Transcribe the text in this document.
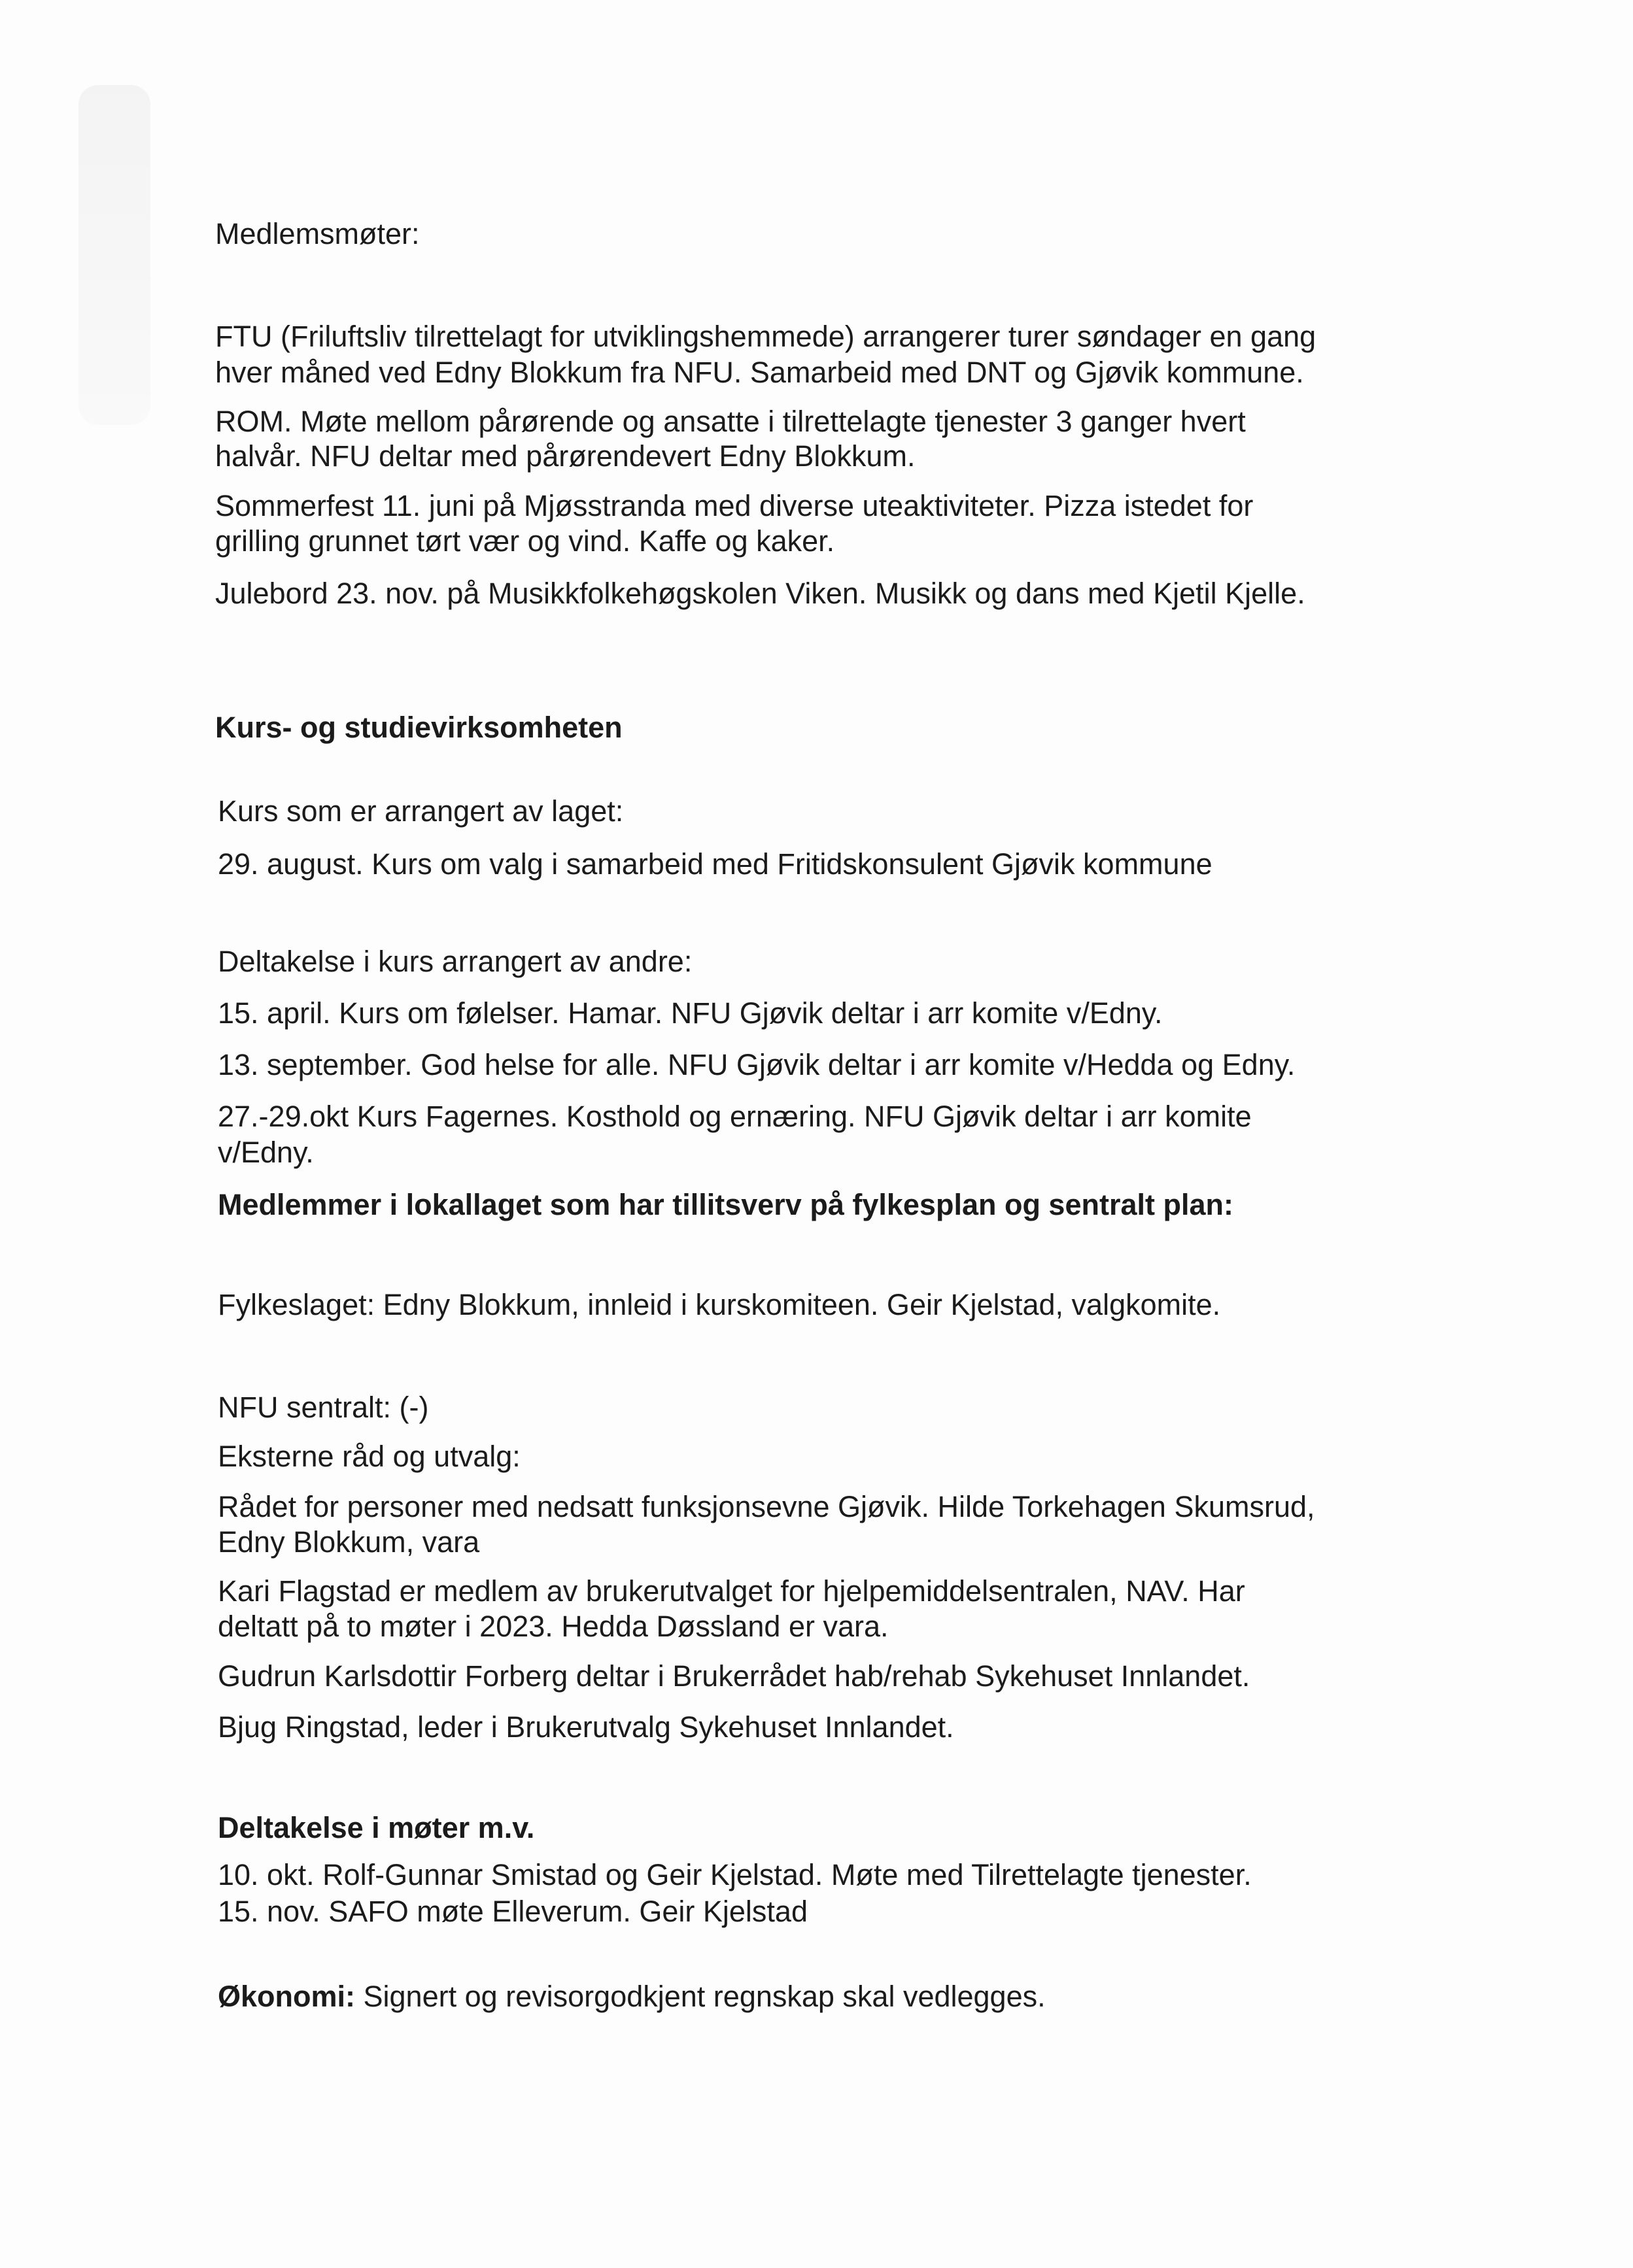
Medlemsmøter:

FTU (Friluftsliv tilrettelagt for utviklingshemmede) arrangerer turer søndager en gang

hver måned ved Edny Blokkum fra NFU. Samarbeid med DNT og Gjøvik kommune.

ROM. Møte mellom pårørende og ansatte i tilrettelagte tjenester 3 ganger hvert

halvår. NFU deltar med pårørendevert Edny Blokkum.

Sommerfest 11. juni på Mjøsstranda med diverse uteaktiviteter. Pizza istedet for

grilling grunnet tørt vær og vind. Kaffe og kaker.

Julebord 23. nov. på Musikkfolkehøgskolen Viken. Musikk og dans med Kjetil Kjelle.

Kurs- og studievirksomheten

Kurs som er arrangert av laget:

29. august. Kurs om valg i samarbeid med Fritidskonsulent Gjøvik kommune

Deltakelse i kurs arrangert av andre:

15. april. Kurs om følelser. Hamar. NFU Gjøvik deltar i arr komite v/Edny.

13. september. God helse for alle. NFU Gjøvik deltar i arr komite v/Hedda og Edny.

27.-29.okt Kurs Fagernes. Kosthold og ernæring. NFU Gjøvik deltar i arr komite

v/Edny.

Medlemmer i lokallaget som har tillitsverv på fylkesplan og sentralt plan:

Fylkeslaget: Edny Blokkum, innleid i kurskomiteen. Geir Kjelstad, valgkomite.

NFU sentralt: (-)

Eksterne råd og utvalg:

Rådet for personer med nedsatt funksjonsevne Gjøvik. Hilde Torkehagen Skumsrud,

Edny Blokkum, vara

Kari Flagstad er medlem av brukerutvalget for hjelpemiddelsentralen, NAV. Har

deltatt på to møter i 2023. Hedda Døssland er vara.

Gudrun Karlsdottir Forberg deltar i Brukerrådet hab/rehab Sykehuset Innlandet.

Bjug Ringstad, leder i Brukerutvalg Sykehuset Innlandet.

Deltakelse i møter m.v.

10. okt. Rolf-Gunnar Smistad og Geir Kjelstad. Møte med Tilrettelagte tjenester.

15. nov. SAFO møte Elleverum. Geir Kjelstad

Økonomi: Signert og revisorgodkjent regnskap skal vedlegges.
